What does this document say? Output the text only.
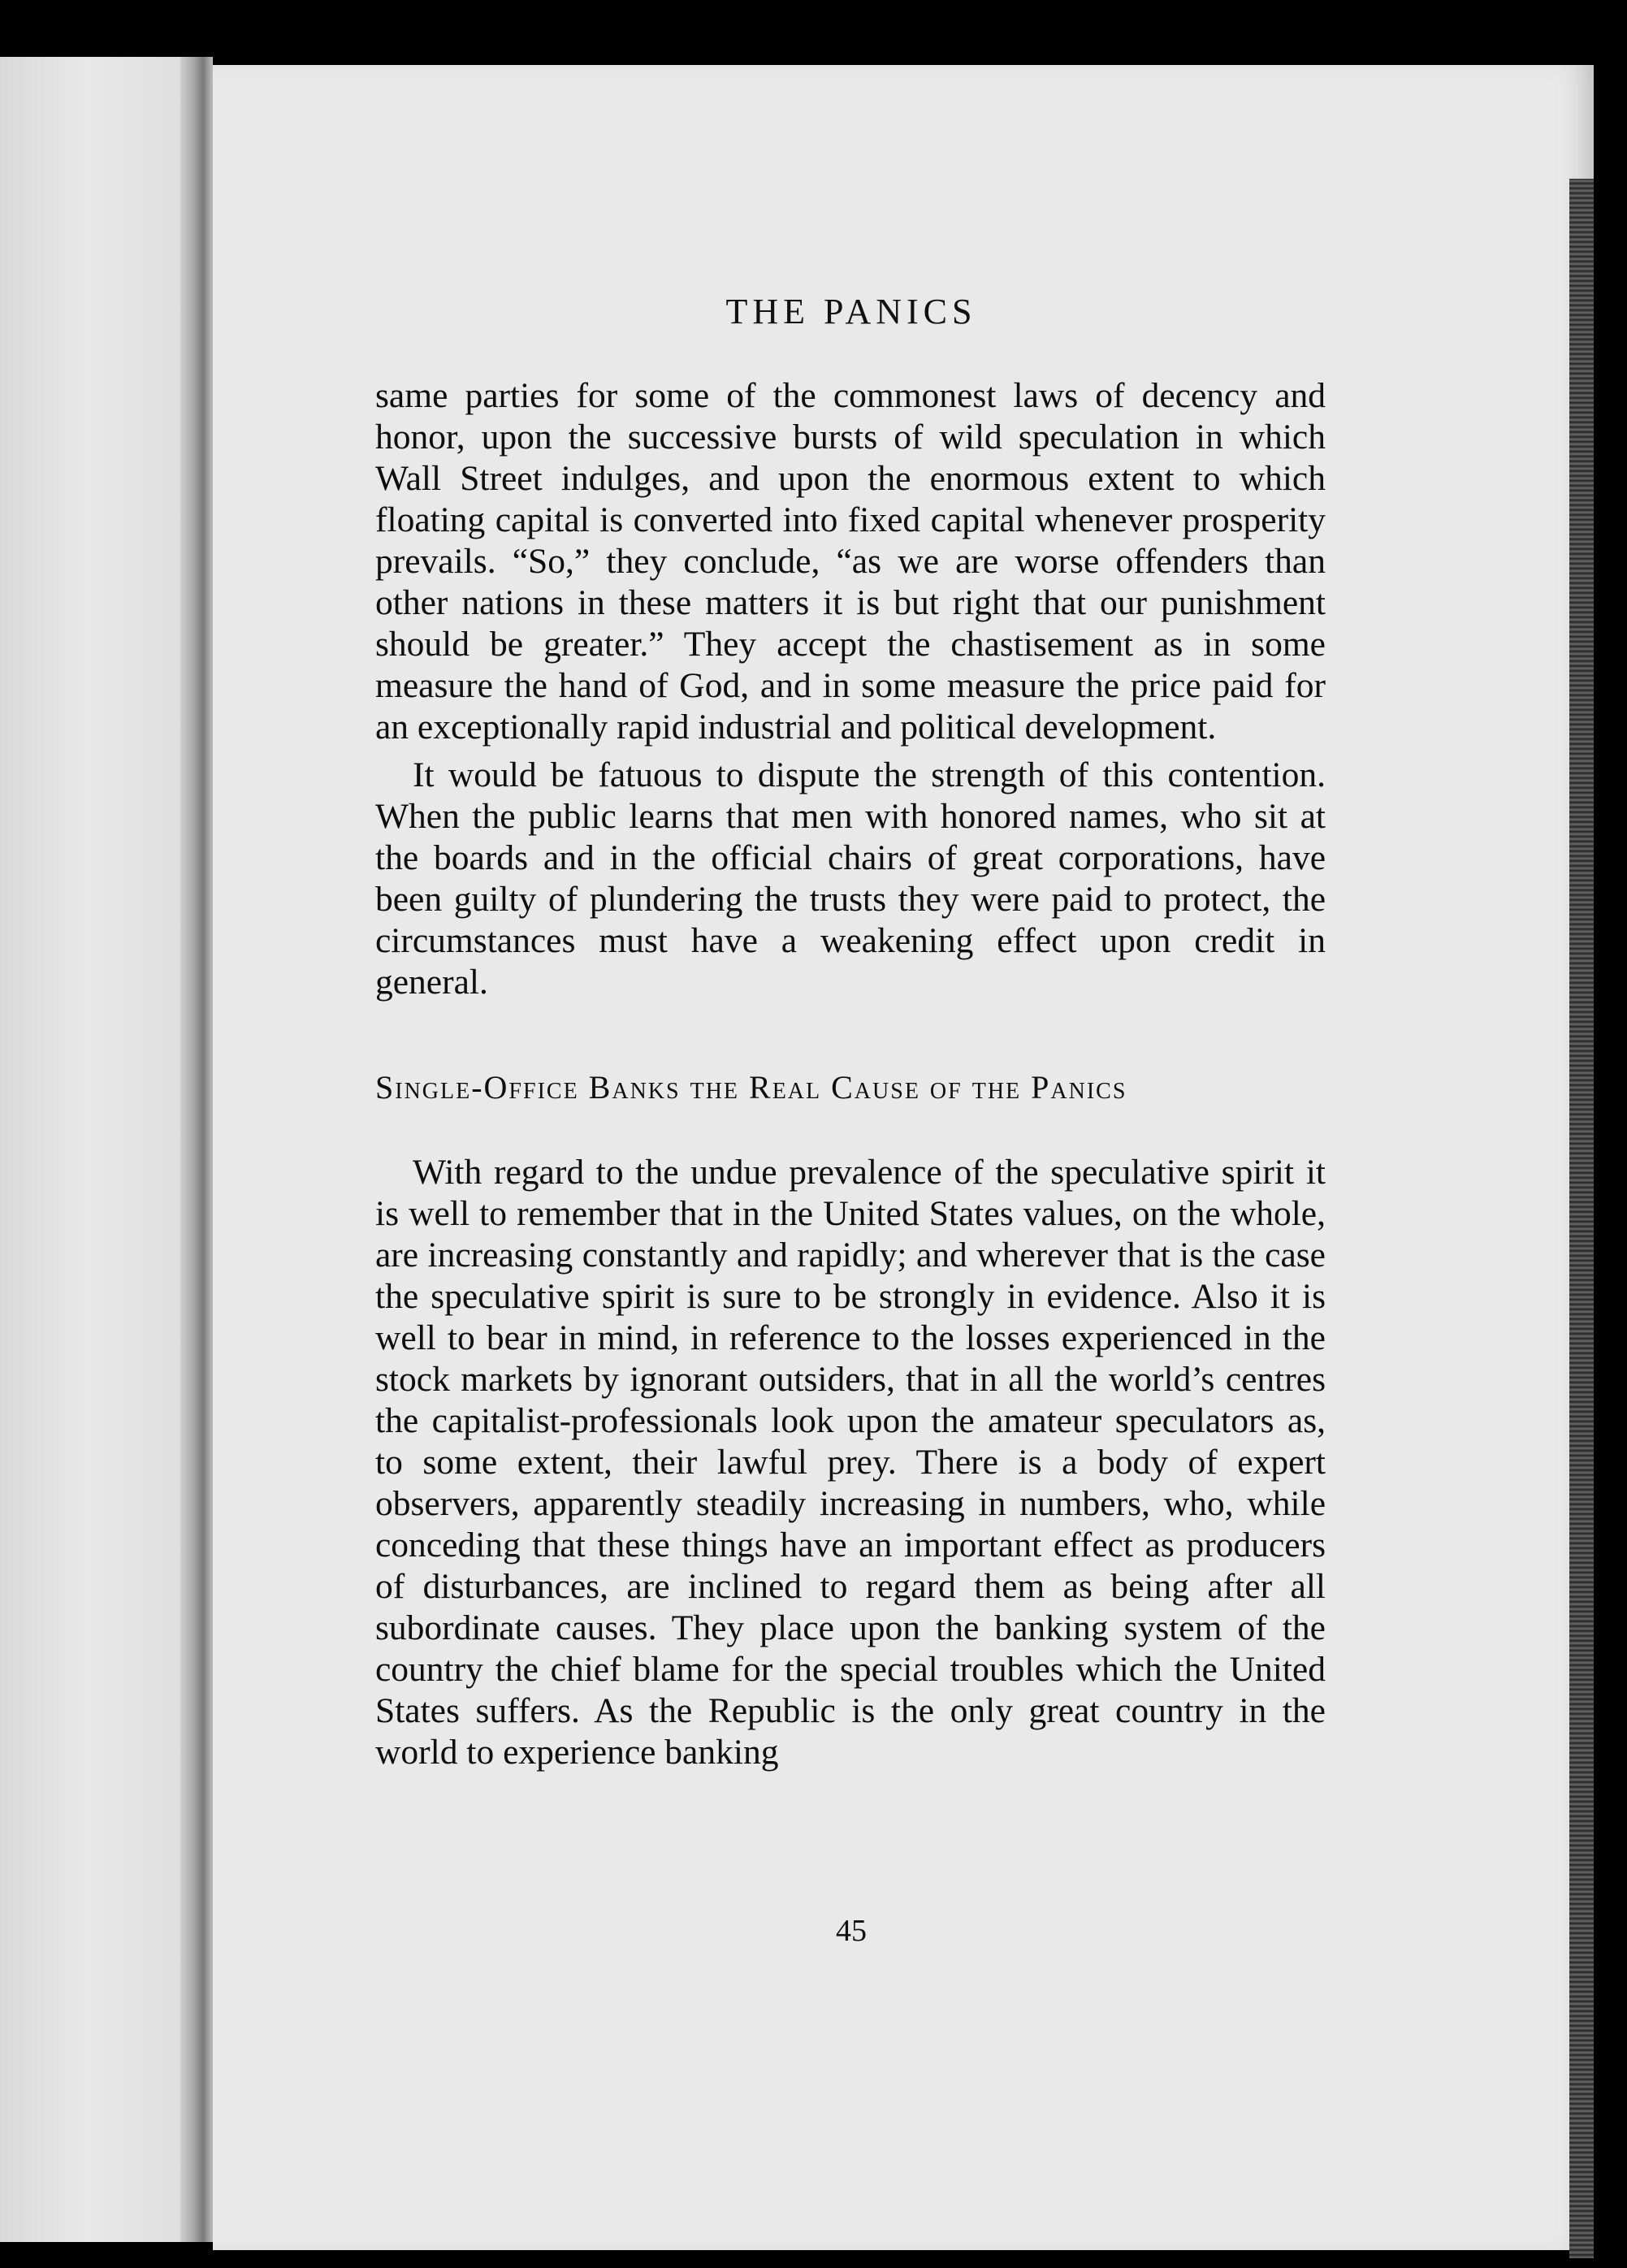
THE PANICS

same parties for some of the commonest laws of decency and honor, upon the successive bursts of wild speculation in which Wall Street indulges, and upon the enormous extent to which floating capital is converted into fixed capital whenever prosperity prevails. “So,” they conclude, “as we are worse offenders than other nations in these matters it is but right that our punishment should be greater.” They accept the chastisement as in some measure the hand of God, and in some measure the price paid for an exceptionally rapid industrial and political development.

It would be fatuous to dispute the strength of this contention. When the public learns that men with honored names, who sit at the boards and in the official chairs of great corporations, have been guilty of plundering the trusts they were paid to protect, the circumstances must have a weakening effect upon credit in general.

Single-Office Banks the Real Cause of the Panics

With regard to the undue prevalence of the speculative spirit it is well to remember that in the United States values, on the whole, are increasing constantly and rapidly; and wherever that is the case the speculative spirit is sure to be strongly in evidence. Also it is well to bear in mind, in reference to the losses experienced in the stock markets by ignorant outsiders, that in all the world’s centres the capitalist-professionals look upon the amateur speculators as, to some extent, their lawful prey. There is a body of expert observers, apparently steadily increasing in numbers, who, while conceding that these things have an important effect as producers of disturbances, are inclined to regard them as being after all subordinate causes. They place upon the banking system of the country the chief blame for the special troubles which the United States suffers. As the Republic is the only great country in the world to experience banking

45
